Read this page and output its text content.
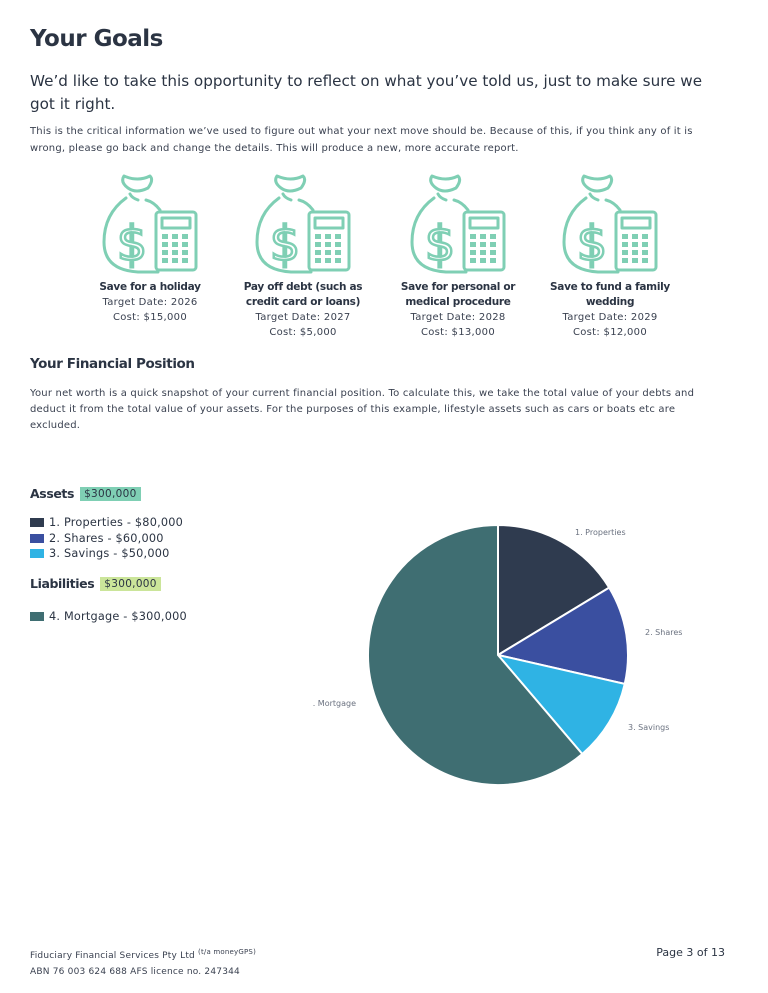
Your Goals

We’d like to take this opportunity to reflect on what you’ve told us, just to make sure we got it right.

This is the critical information we’ve used to figure out what your next move should be. Because of this, if you think any of it is wrong, please go back and change the details. This will produce a new, more accurate report.

$
Save for a holiday
Target Date: 2026
Cost: $15,000
$
Pay off debt (such as credit card or loans)
Target Date: 2027
Cost: $5,000
$
Save for personal or medical procedure
Target Date: 2028
Cost: $13,000
$
Save to fund a family wedding
Target Date: 2029
Cost: $12,000
Your Financial Position

Your net worth is a quick snapshot of your current financial position. To calculate this, we take the total value of your debts and deduct it from the total value of your assets. For the purposes of this example, lifestyle assets such as cars or boats etc are excluded.

Assets $300,000
1. Properties - $80,000
2. Shares - $60,000
3. Savings - $50,000
Liabilities $300,000
4. Mortgage - $300,000
1. Properties
2. Shares
3. Savings
. Mortgage
Fiduciary Financial Services Pty Ltd $^{(t/a moneyGPS)}$
ABN 76 003 624 688 AFS licence no. 247344
Page 3 of 13
